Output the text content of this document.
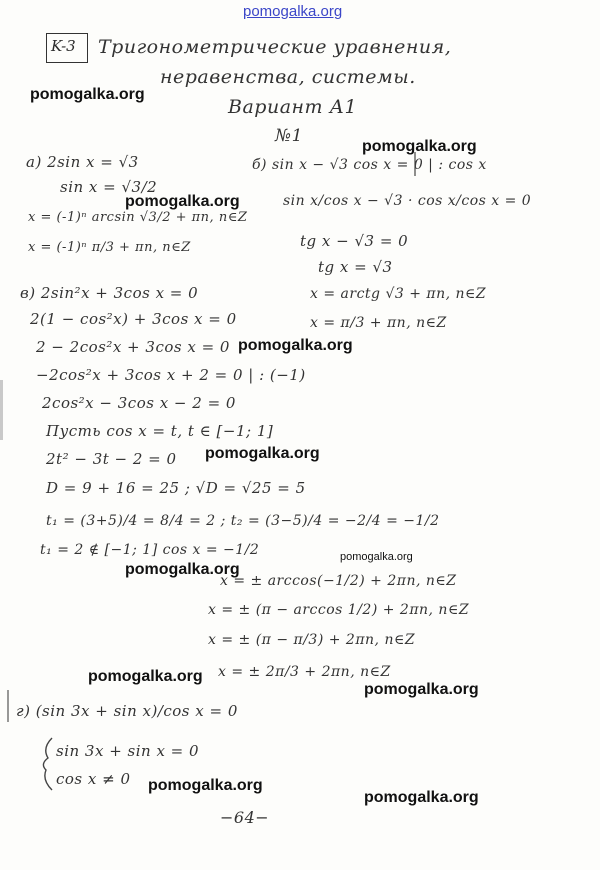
pomogalka.org
pomogalka.org
pomogalka.org
pomogalka.org
pomogalka.org
pomogalka.org
pomogalka.org
pomogalka.org
pomogalka.org
pomogalka.org
pomogalka.org
pomogalka.org
K-3 Тригонометрические уравнения,
неравенства, системы.
Вариант А1
№1
а) 2sin x = √3
sin x = √3/2
x = (-1)ⁿ arcsin √3/2 + πn, n∈Z
x = (-1)ⁿ π/3 + πn, n∈Z
б) sin x − √3 cos x = 0 | : cos x
sin x/cos x − √3 · cos x/cos x = 0
tg x − √3 = 0
tg x = √3
x = arctg √3 + πn, n∈Z
x = π/3 + πn, n∈Z
в) 2sin²x + 3cos x = 0
2(1 − cos²x) + 3cos x = 0
2 − 2cos²x + 3cos x = 0
−2cos²x + 3cos x + 2 = 0 | : (−1)
2cos²x − 3cos x − 2 = 0
Пусть cos x = t, t ∈ [−1; 1]
2t² − 3t − 2 = 0
D = 9 + 16 = 25 ; √D = √25 = 5
t₁ = (3+5)/4 = 8/4 = 2 ; t₂ = (3−5)/4 = −2/4 = −1/2
t₁ = 2 ∉ [−1; 1] cos x = −1/2
x = ± arccos(−1/2) + 2πn, n∈Z
x = ± (π − arccos 1/2) + 2πn, n∈Z
x = ± (π − π/3) + 2πn, n∈Z
x = ± 2π/3 + 2πn, n∈Z
г) (sin 3x + sin x)/cos x = 0
sin 3x + sin x = 0
cos x ≠ 0
−64−
